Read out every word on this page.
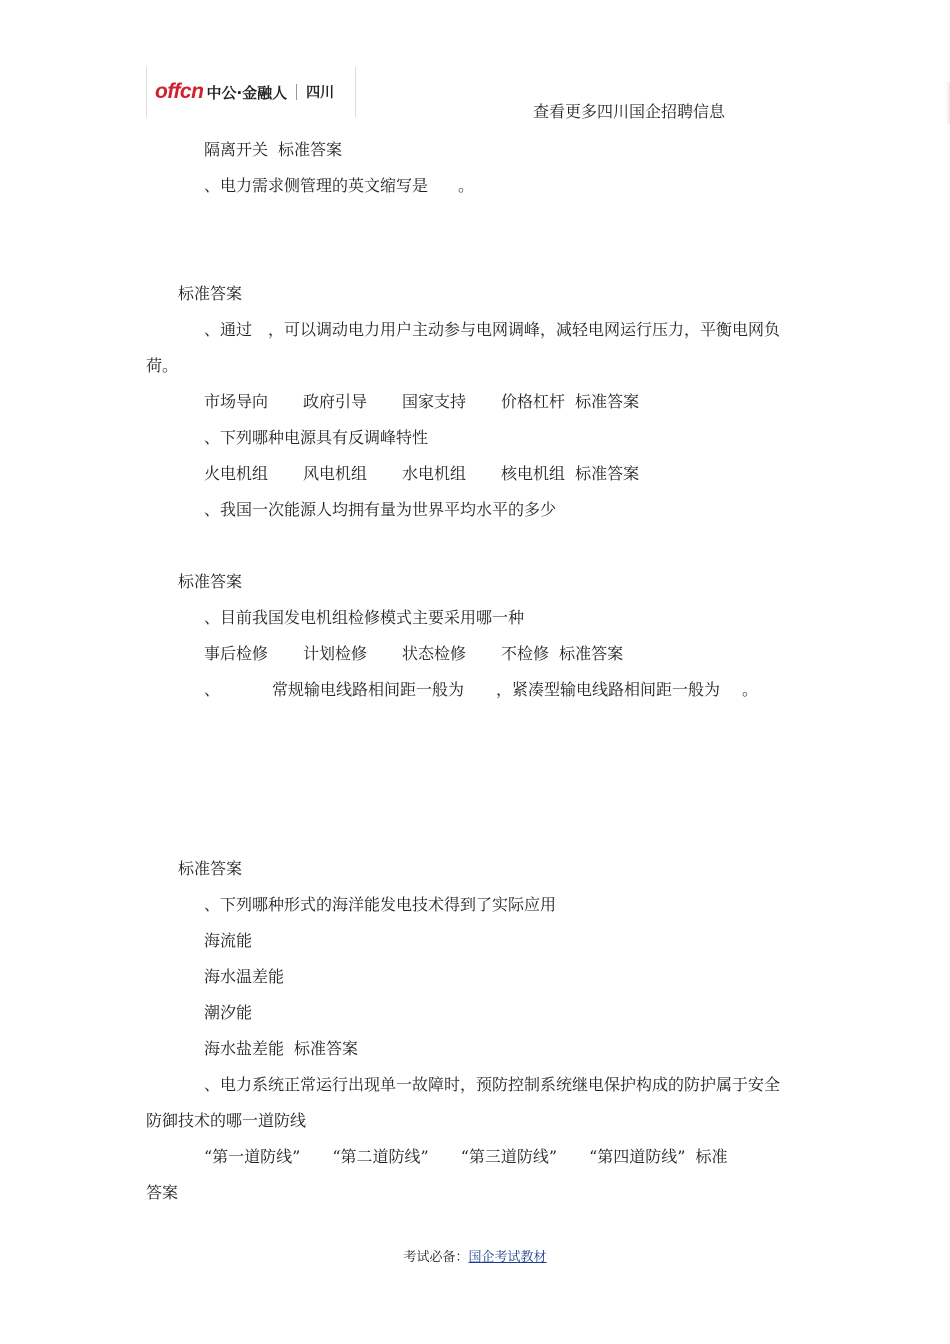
offcn 中公·金融人 四川
查看更多四川国企招聘信息
隔离开关 标准答案
、电力需求侧管理的英文缩写是 。
标准答案
、通过 ，可以调动电力用户主动参与电网调峰，减轻电网运行压力，平衡电网负
荷。
市场导向 政府引导 国家支持 价格杠杆 标准答案
、下列哪种电源具有反调峰特性
火电机组 风电机组 水电机组 核电机组 标准答案
、我国一次能源人均拥有量为世界平均水平的多少
标准答案
、目前我国发电机组检修模式主要采用哪一种
事后检修 计划检修 状态检修 不检修 标准答案
、	常规输电线路相间距一般为 ，紧凑型输电线路相间距一般为 。
标准答案
、下列哪种形式的海洋能发电技术得到了实际应用
海流能
海水温差能
潮汐能
海水盐差能 标准答案
、电力系统正常运行出现单一故障时，预防控制系统继电保护构成的防护属于安全
防御技术的哪一道防线
“第一道防线” “第二道防线” “第三道防线” “第四道防线” 标准
答案
考试必备：国企考试教材
